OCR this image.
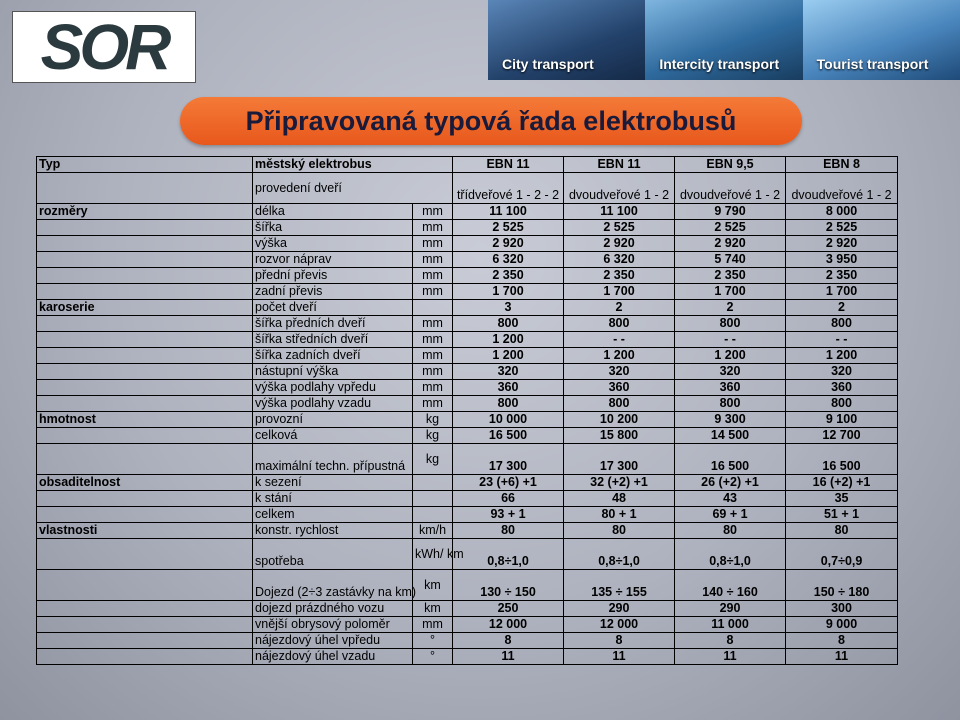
SOR	City transport	Intercity transport	Tourist transport
Připravovaná typová řada elektrobusů
Typ	městský elektrobus		EBN 11	EBN 11	EBN 9,5	EBN 8
	provedení dveří		třídveřové 1 - 2 - 2	dvoudveřové 1 - 2	dvoudveřové 1 - 2	dvoudveřové 1 - 2
rozměry	délka	mm	11 100	11 100	9 790	8 000
	šířka	mm	2 525	2 525	2 525	2 525
	výška	mm	2 920	2 920	2 920	2 920
	rozvor náprav	mm	6 320	6 320	5 740	3 950
	přední převis	mm	2 350	2 350	2 350	2 350
	zadní převis	mm	1 700	1 700	1 700	1 700
karoserie	počet dveří		3	2	2	2
	šířka předních dveří	mm	800	800	800	800
	šířka středních dveří	mm	1 200	- -	- -	- -
	šířka zadních dveří	mm	1 200	1 200	1 200	1 200
	nástupní výška	mm	320	320	320	320
	výška podlahy vpředu	mm	360	360	360	360
	výška podlahy vzadu	mm	800	800	800	800
hmotnost	provozní	kg	10 000	10 200	9 300	9 100
	celková	kg	16 500	15 800	14 500	12 700
	maximální techn. přípustná	kg	17 300	17 300	16 500	16 500
obsaditelnost	k sezení		23 (+6) +1	32 (+2) +1	26 (+2) +1	16 (+2) +1
	k stání		66	48	43	35
	celkem		93 + 1	80 + 1	69 + 1	51 + 1
vlastnosti	konstr. rychlost	km/h	80	80	80	80
	spotřeba	kWh/ km	0,8÷1,0	0,8÷1,0	0,8÷1,0	0,7÷0,9
	Dojezd (2÷3 zastávky na km)	km	130 ÷ 150	135 ÷ 155	140 ÷ 160	150 ÷ 180
	dojezd prázdného vozu	km	250	290	290	300
	vnější obrysový poloměr	mm	12 000	12 000	11 000	9 000
	nájezdový úhel vpředu	°	8	8	8	8
	nájezdový úhel vzadu	°	11	11	11	11
